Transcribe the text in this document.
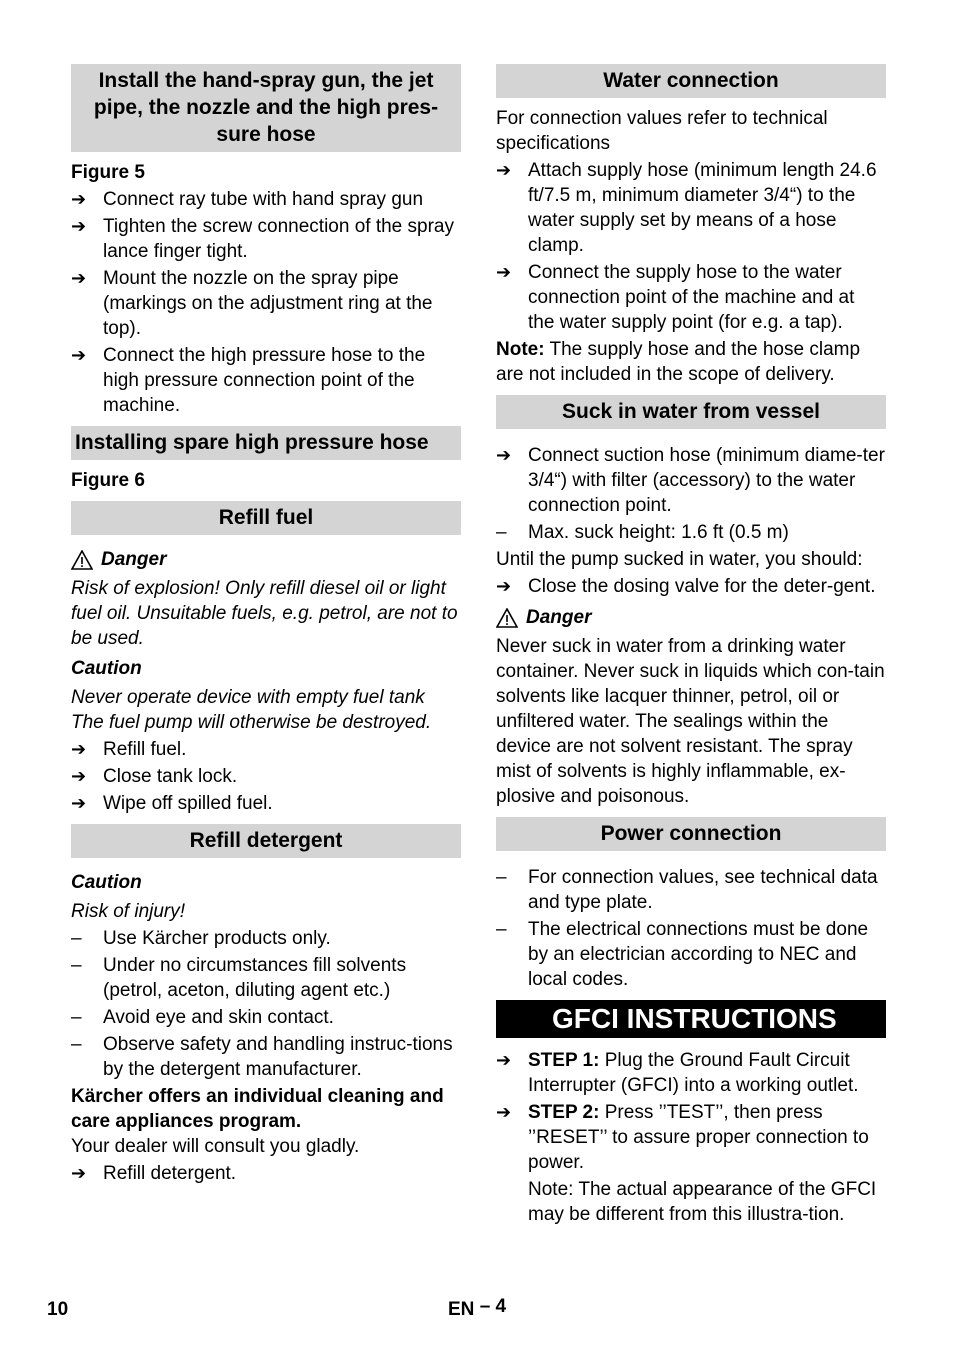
Install the hand-spray gun, the jet pipe, the nozzle and the high pres-sure hose
Figure 5
➔ Connect ray tube with hand spray gun
➔ Tighten the screw connection of the spray lance finger tight.
➔ Mount the nozzle on the spray pipe (markings on the adjustment ring at the top).
➔ Connect the high pressure hose to the high pressure connection point of the machine.
Installing spare high pressure hose
Figure 6
Refill fuel
Danger
Risk of explosion! Only refill diesel oil or light fuel oil. Unsuitable fuels, e.g. petrol, are not to be used.
Caution
Never operate device with empty fuel tank The fuel pump will otherwise be destroyed.
➔ Refill fuel.
➔ Close tank lock.
➔ Wipe off spilled fuel.
Refill detergent
Caution
Risk of injury!
–	Use Kärcher products only.
–	Under no circumstances fill solvents (petrol, aceton, diluting agent etc.)
–	Avoid eye and skin contact.
–	Observe safety and handling instruc-tions by the detergent manufacturer.
Kärcher offers an individual cleaning and care appliances program.
Your dealer will consult you gladly.
➔ Refill detergent.
Water connection
For connection values refer to technical specifications
➔ Attach supply hose (minimum length 24.6 ft/7.5 m, minimum diameter 3/4“) to the water supply set by means of a hose clamp.
➔ Connect the supply hose to the water connection point of the machine and at the water supply point (for e.g. a tap).
Note: The supply hose and the hose clamp are not included in the scope of delivery.
Suck in water from vessel
➔ Connect suction hose (minimum diame-ter 3/4“) with filter (accessory) to the water connection point.
–	Max. suck height: 1.6 ft (0.5 m)
Until the pump sucked in water, you should:
➔ Close the dosing valve for the deter-gent.
Danger
Never suck in water from a drinking water container. Never suck in liquids which con-tain solvents like lacquer thinner, petrol, oil or unfiltered water. The sealings within the device are not solvent resistant. The spray mist of solvents is highly inflammable, ex-plosive and poisonous.
Power connection
–	For connection values, see technical data and type plate.
–	The electrical connections must be done by an electrician according to NEC and local codes.
GFCI INSTRUCTIONS
➔ STEP 1: Plug the Ground Fault Circuit Interrupter (GFCI) into a working outlet.
➔ STEP 2: Press ’’TEST’’, then press ’’RESET’’ to assure proper connection to power.
Note: The actual appearance of the GFCI may be different from this illustra-tion.
10	EN – 4
